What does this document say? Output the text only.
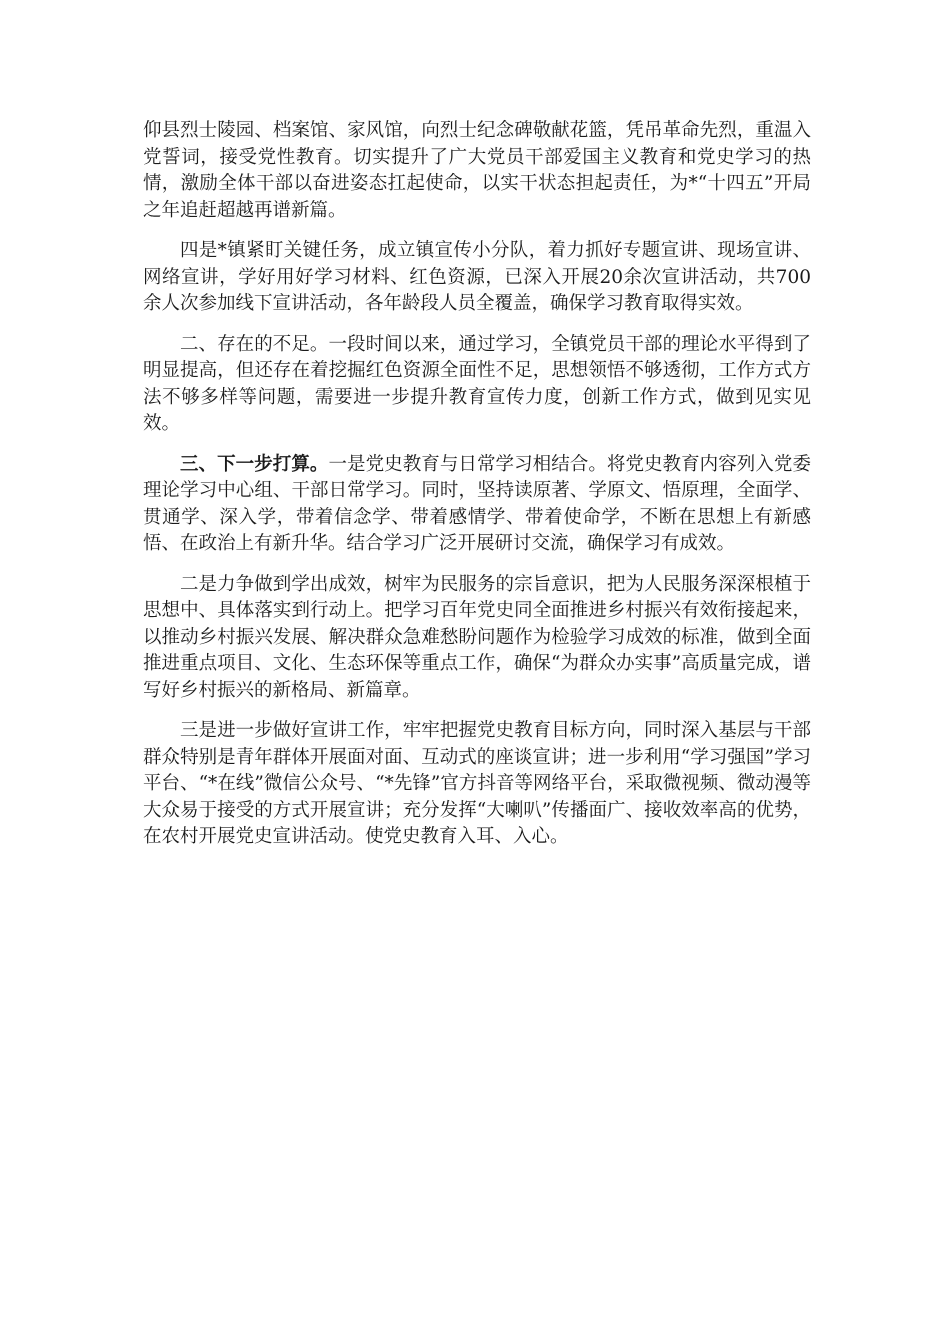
仰县烈士陵园、档案馆、家风馆，向烈士纪念碑敬献花篮，凭吊革命先烈，重温入党誓词，接受党性教育。切实提升了广大党员干部爱国主义教育和党史学习的热情，激励全体干部以奋进姿态扛起使命，以实干状态担起责任，为*“十四五”开局之年追赶超越再谱新篇。

四是*镇紧盯关键任务，成立镇宣传小分队，着力抓好专题宣讲、现场宣讲、网络宣讲，学好用好学习材料、红色资源，已深入开展20余次宣讲活动，共700余人次参加线下宣讲活动，各年龄段人员全覆盖，确保学习教育取得实效。

二、存在的不足。一段时间以来，通过学习，全镇党员干部的理论水平得到了明显提高，但还存在着挖掘红色资源全面性不足，思想领悟不够透彻，工作方式方法不够多样等问题，需要进一步提升教育宣传力度，创新工作方式，做到见实见效。

三、下一步打算。一是党史教育与日常学习相结合。将党史教育内容列入党委理论学习中心组、干部日常学习。同时，坚持读原著、学原文、悟原理，全面学、贯通学、深入学，带着信念学、带着感情学、带着使命学，不断在思想上有新感悟、在政治上有新升华。结合学习广泛开展研讨交流，确保学习有成效。

二是力争做到学出成效，树牢为民服务的宗旨意识，把为人民服务深深根植于思想中、具体落实到行动上。把学习百年党史同全面推进乡村振兴有效衔接起来，以推动乡村振兴发展、解决群众急难愁盼问题作为检验学习成效的标准，做到全面推进重点项目、文化、生态环保等重点工作，确保“为群众办实事”高质量完成，谱写好乡村振兴的新格局、新篇章。

三是进一步做好宣讲工作，牢牢把握党史教育目标方向，同时深入基层与干部群众特别是青年群体开展面对面、互动式的座谈宣讲；进一步利用“学习强国”学习平台、“*在线”微信公众号、“*先锋”官方抖音等网络平台，采取微视频、微动漫等大众易于接受的方式开展宣讲；充分发挥“大喇叭”传播面广、接收效率高的优势，在农村开展党史宣讲活动。使党史教育入耳、入心。
